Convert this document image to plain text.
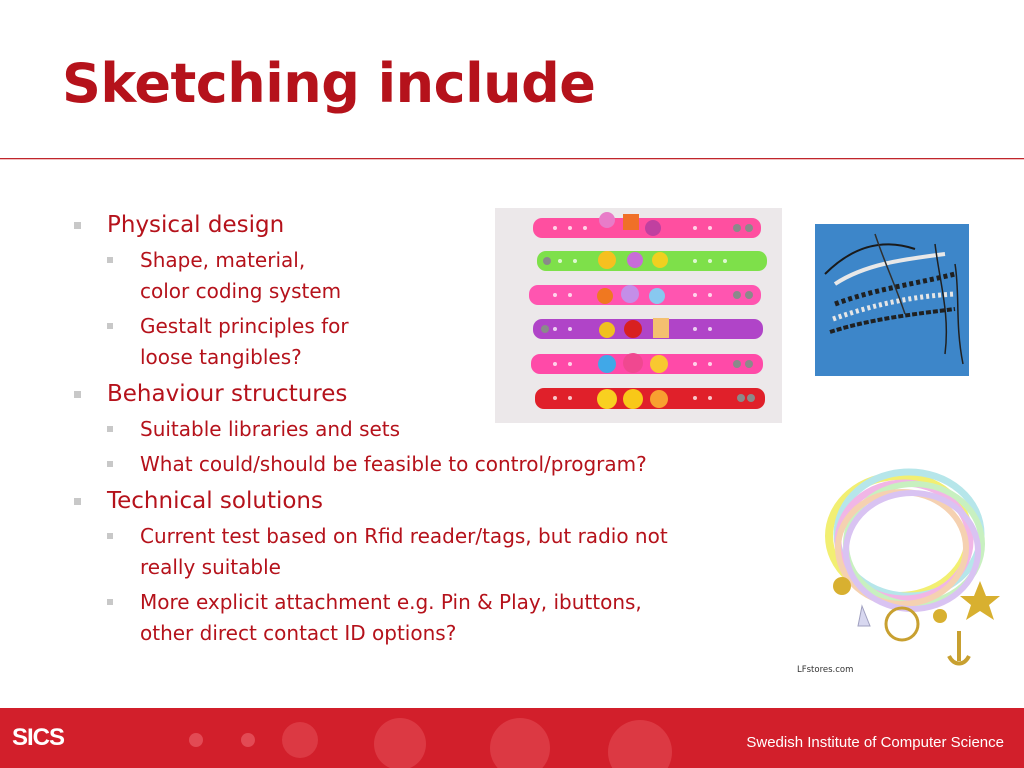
Sketching include
Physical design
Shape, material,
color coding system
Gestalt principles for
loose tangibles?
Behaviour structures
Suitable libraries and sets
What could/should be feasible to control/program?
Technical solutions
Current test based on Rfid reader/tags, but radio not
really suitable
More explicit attachment e.g. Pin & Play, ibuttons,
other direct contact ID options?
LFstores.com
SICS	Swedish Institute of Computer Science
